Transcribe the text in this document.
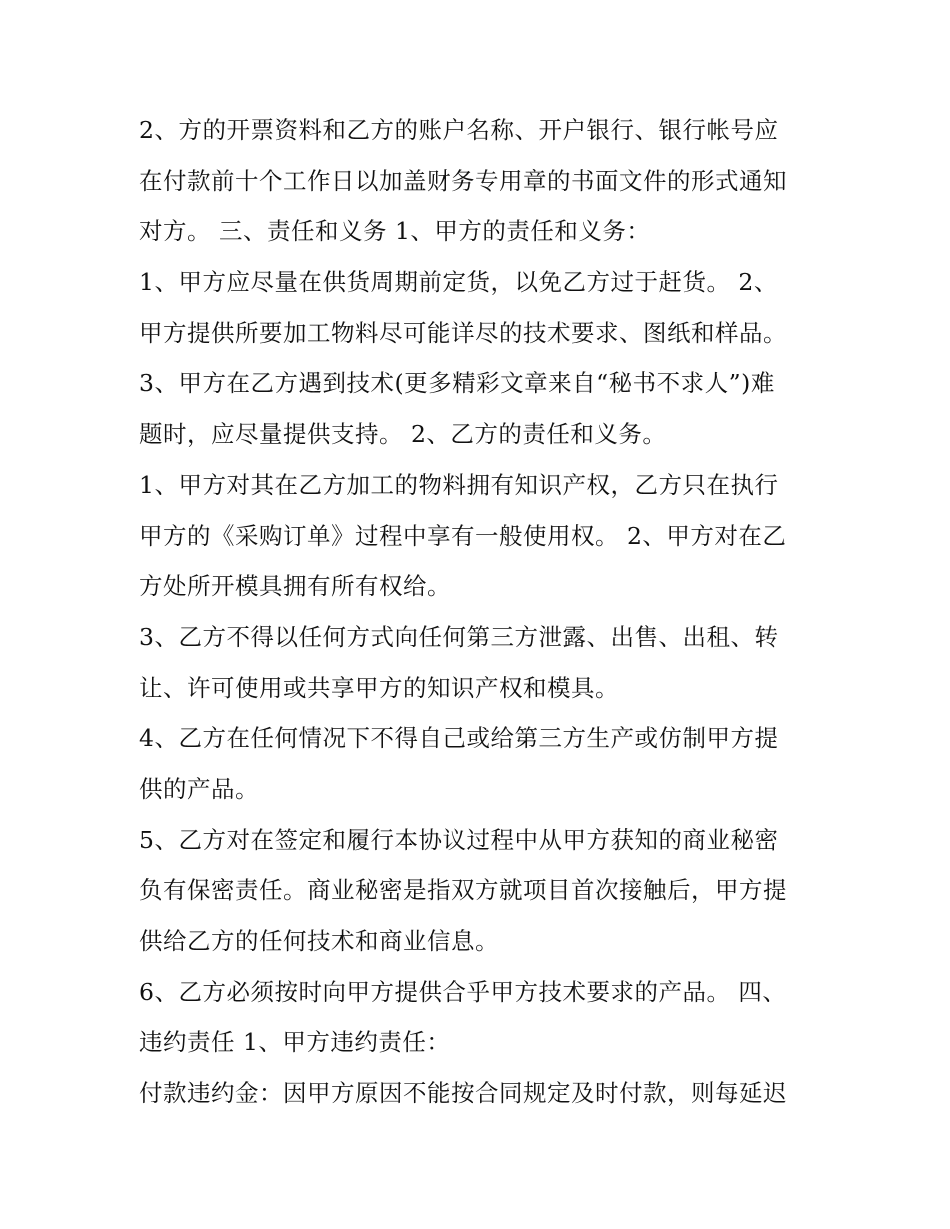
2、方的开票资料和乙方的账户名称、开户银行、银行帐号应
在付款前十个工作日以加盖财务专用章的书面文件的形式通知
对方。 三、责任和义务 1、甲方的责任和义务：
1、甲方应尽量在供货周期前定货，以免乙方过于赶货。 2、
甲方提供所要加工物料尽可能详尽的技术要求、图纸和样品。
3、甲方在乙方遇到技术(更多精彩文章来自“秘书不求人”)难
题时，应尽量提供支持。 2、乙方的责任和义务。
1、甲方对其在乙方加工的物料拥有知识产权，乙方只在执行
甲方的《采购订单》过程中享有一般使用权。 2、甲方对在乙
方处所开模具拥有所有权给。
3、乙方不得以任何方式向任何第三方泄露、出售、出租、转
让、许可使用或共享甲方的知识产权和模具。
4、乙方在任何情况下不得自己或给第三方生产或仿制甲方提
供的产品。
5、乙方对在签定和履行本协议过程中从甲方获知的商业秘密
负有保密责任。商业秘密是指双方就项目首次接触后，甲方提
供给乙方的任何技术和商业信息。
6、乙方必须按时向甲方提供合乎甲方技术要求的产品。 四、
违约责任 1、甲方违约责任：
付款违约金：因甲方原因不能按合同规定及时付款，则每延迟
